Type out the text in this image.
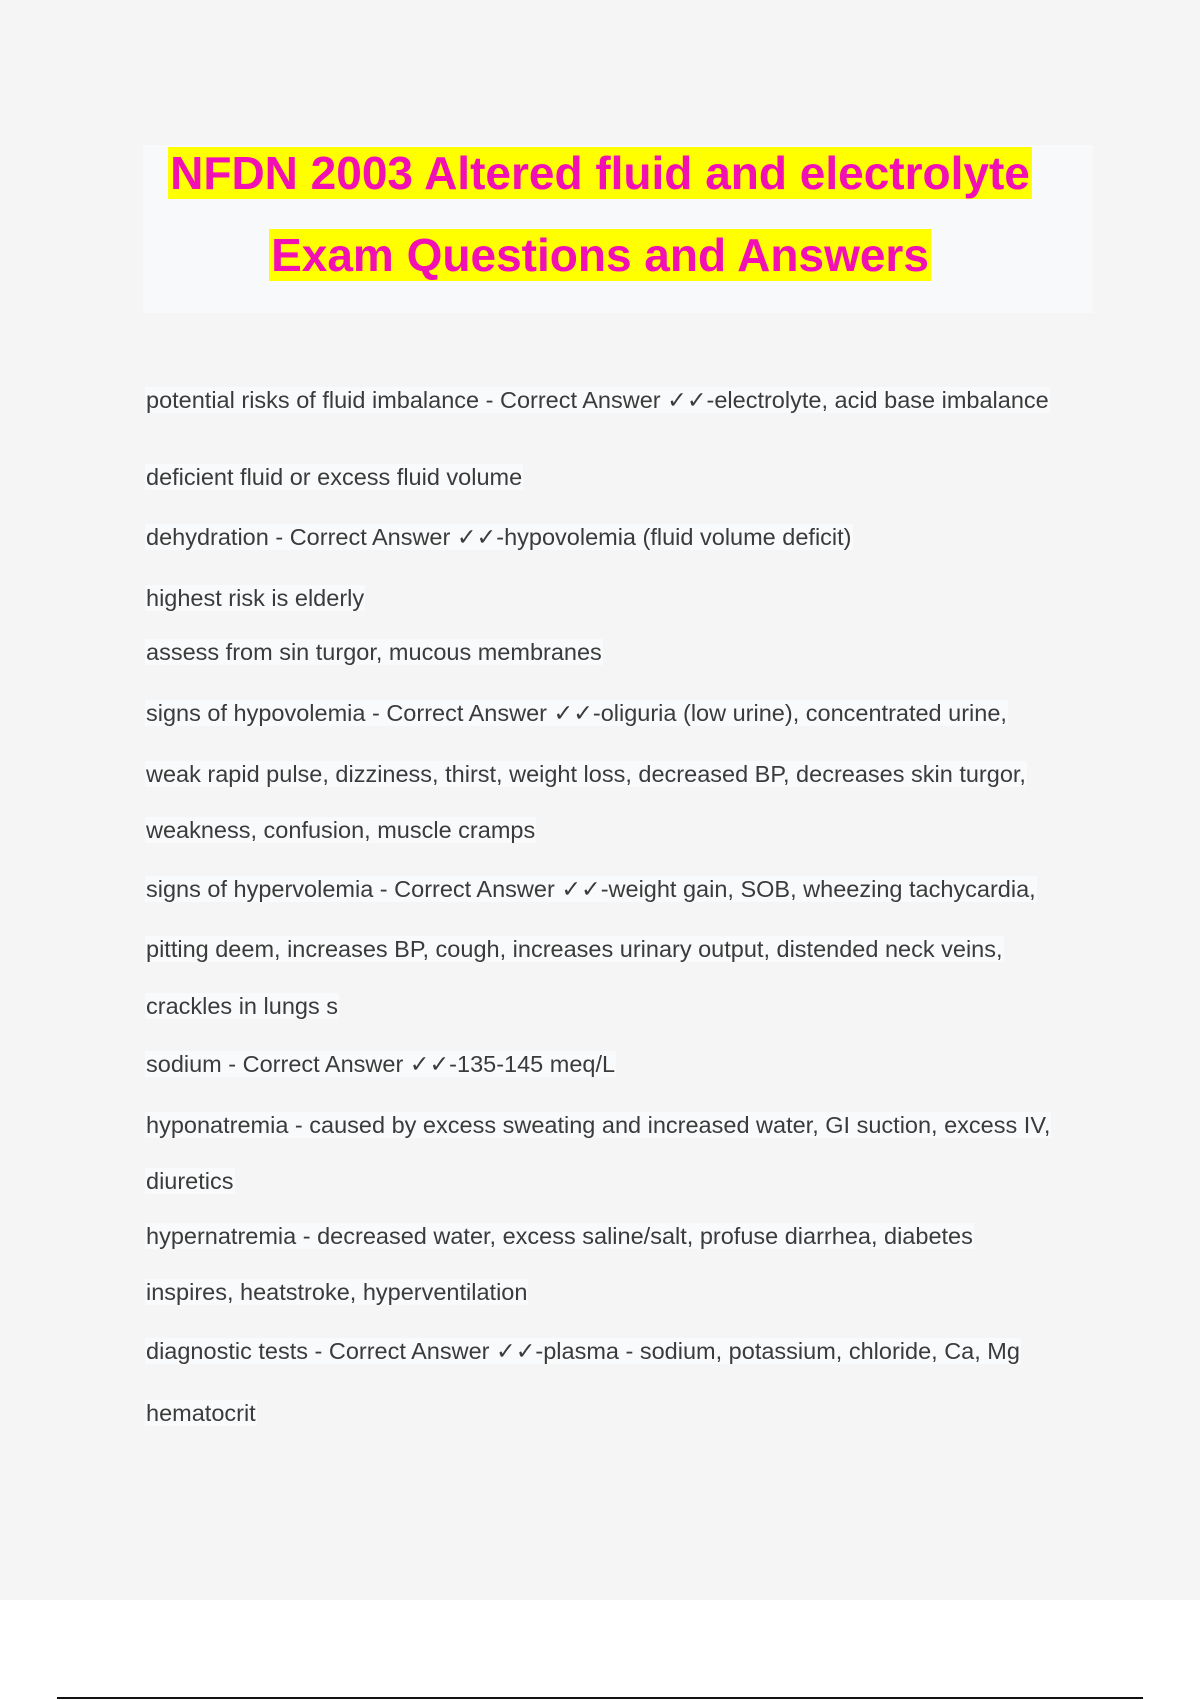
NFDN 2003 Altered fluid and electrolyte
Exam Questions and Answers
potential risks of fluid imbalance - Correct Answer ✓✓-electrolyte, acid base imbalance
deficient fluid or excess fluid volume
dehydration - Correct Answer ✓✓-hypovolemia (fluid volume deficit)
highest risk is elderly
assess from sin turgor, mucous membranes
signs of hypovolemia - Correct Answer ✓✓-oliguria (low urine), concentrated urine,
weak rapid pulse, dizziness, thirst, weight loss, decreased BP, decreases skin turgor,
weakness, confusion, muscle cramps
signs of hypervolemia - Correct Answer ✓✓-weight gain, SOB, wheezing tachycardia,
pitting deem, increases BP, cough, increases urinary output, distended neck veins,
crackles in lungs s
sodium - Correct Answer ✓✓-135-145 meq/L
hyponatremia - caused by excess sweating and increased water, GI suction, excess IV,
diuretics
hypernatremia - decreased water, excess saline/salt, profuse diarrhea, diabetes
inspires, heatstroke, hyperventilation
diagnostic tests - Correct Answer ✓✓-plasma - sodium, potassium, chloride, Ca, Mg
hematocrit
